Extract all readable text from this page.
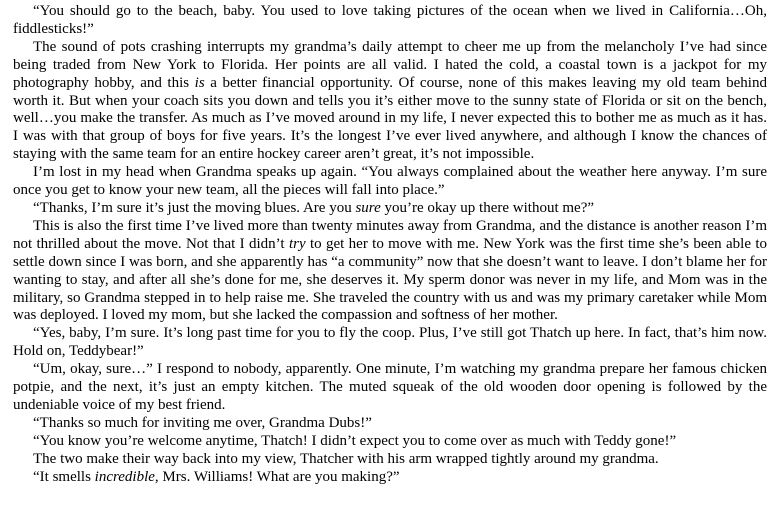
“You should go to the beach, baby. You used to love taking pictures of the ocean when we lived in California…Oh, fiddlesticks!”

The sound of pots crashing interrupts my grandma’s daily attempt to cheer me up from the melancholy I’ve had since being traded from New York to Florida. Her points are all valid. I hated the cold, a coastal town is a jackpot for my photography hobby, and this is a better financial opportunity. Of course, none of this makes leaving my old team behind worth it. But when your coach sits you down and tells you it’s either move to the sunny state of Florida or sit on the bench, well…you make the transfer. As much as I’ve moved around in my life, I never expected this to bother me as much as it has. I was with that group of boys for five years. It’s the longest I’ve ever lived anywhere, and although I know the chances of staying with the same team for an entire hockey career aren’t great, it’s not impossible.

I’m lost in my head when Grandma speaks up again. “You always complained about the weather here anyway. I’m sure once you get to know your new team, all the pieces will fall into place.”

“Thanks, I’m sure it’s just the moving blues. Are you sure you’re okay up there without me?”

This is also the first time I’ve lived more than twenty minutes away from Grandma, and the distance is another reason I’m not thrilled about the move. Not that I didn’t try to get her to move with me. New York was the first time she’s been able to settle down since I was born, and she apparently has “a community” now that she doesn’t want to leave. I don’t blame her for wanting to stay, and after all she’s done for me, she deserves it. My sperm donor was never in my life, and Mom was in the military, so Grandma stepped in to help raise me. She traveled the country with us and was my primary caretaker while Mom was deployed. I loved my mom, but she lacked the compassion and softness of her mother.

“Yes, baby, I’m sure. It’s long past time for you to fly the coop. Plus, I’ve still got Thatch up here. In fact, that’s him now. Hold on, Teddybear!”

“Um, okay, sure…” I respond to nobody, apparently. One minute, I’m watching my grandma prepare her famous chicken potpie, and the next, it’s just an empty kitchen. The muted squeak of the old wooden door opening is followed by the undeniable voice of my best friend.

“Thanks so much for inviting me over, Grandma Dubs!”

“You know you’re welcome anytime, Thatch! I didn’t expect you to come over as much with Teddy gone!”

The two make their way back into my view, Thatcher with his arm wrapped tightly around my grandma.

“It smells incredible, Mrs. Williams! What are you making?”
